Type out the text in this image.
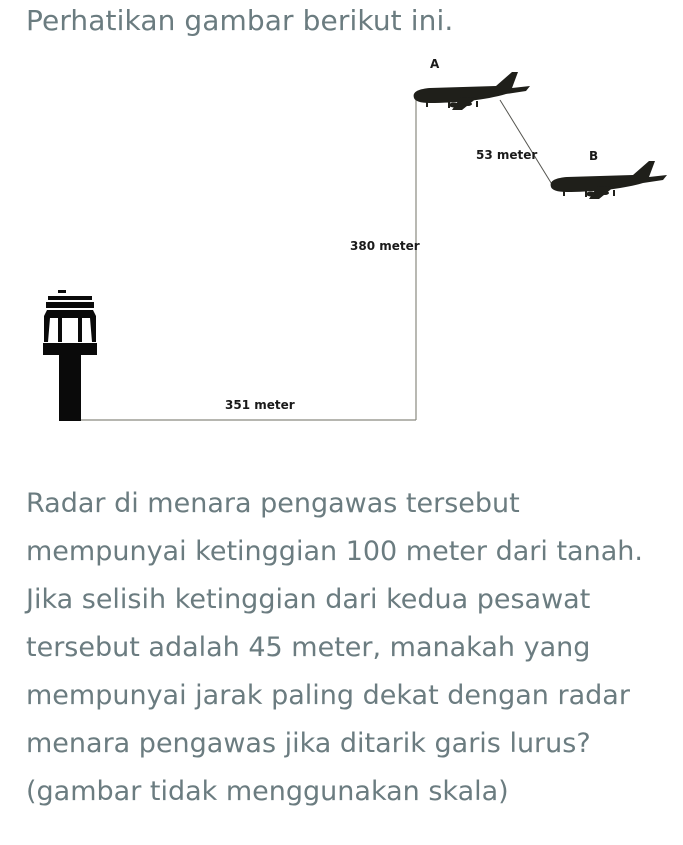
Perhatikan gambar berikut ini.
A
B
53 meter
380 meter
351 meter

Radar di menara pengawas tersebut
mempunyai ketinggian 100 meter dari tanah.
Jika selisih ketinggian dari kedua pesawat
tersebut adalah 45 meter, manakah yang
mempunyai jarak paling dekat dengan radar
menara pengawas jika ditarik garis lurus?
(gambar tidak menggunakan skala)
